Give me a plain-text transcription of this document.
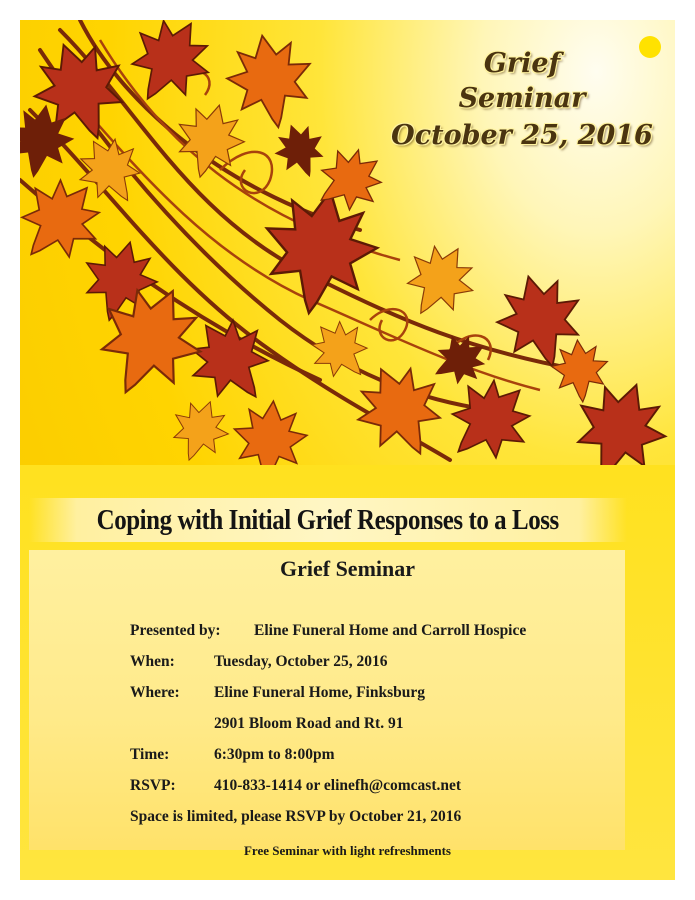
Grief
Seminar
October 25, 2016
Coping with Initial Grief Responses to a Loss
Grief Seminar
Presented by: Eline Funeral Home and Carroll Hospice
When:	Tuesday, October 25, 2016
Where: Eline Funeral Home, Finksburg
2901 Bloom Road and Rt. 91
Time:	6:30pm to 8:00pm
RSVP: 410-833-1414 or elinefh@comcast.net
Space is limited, please RSVP by October 21, 2016
Free Seminar with light refreshments
